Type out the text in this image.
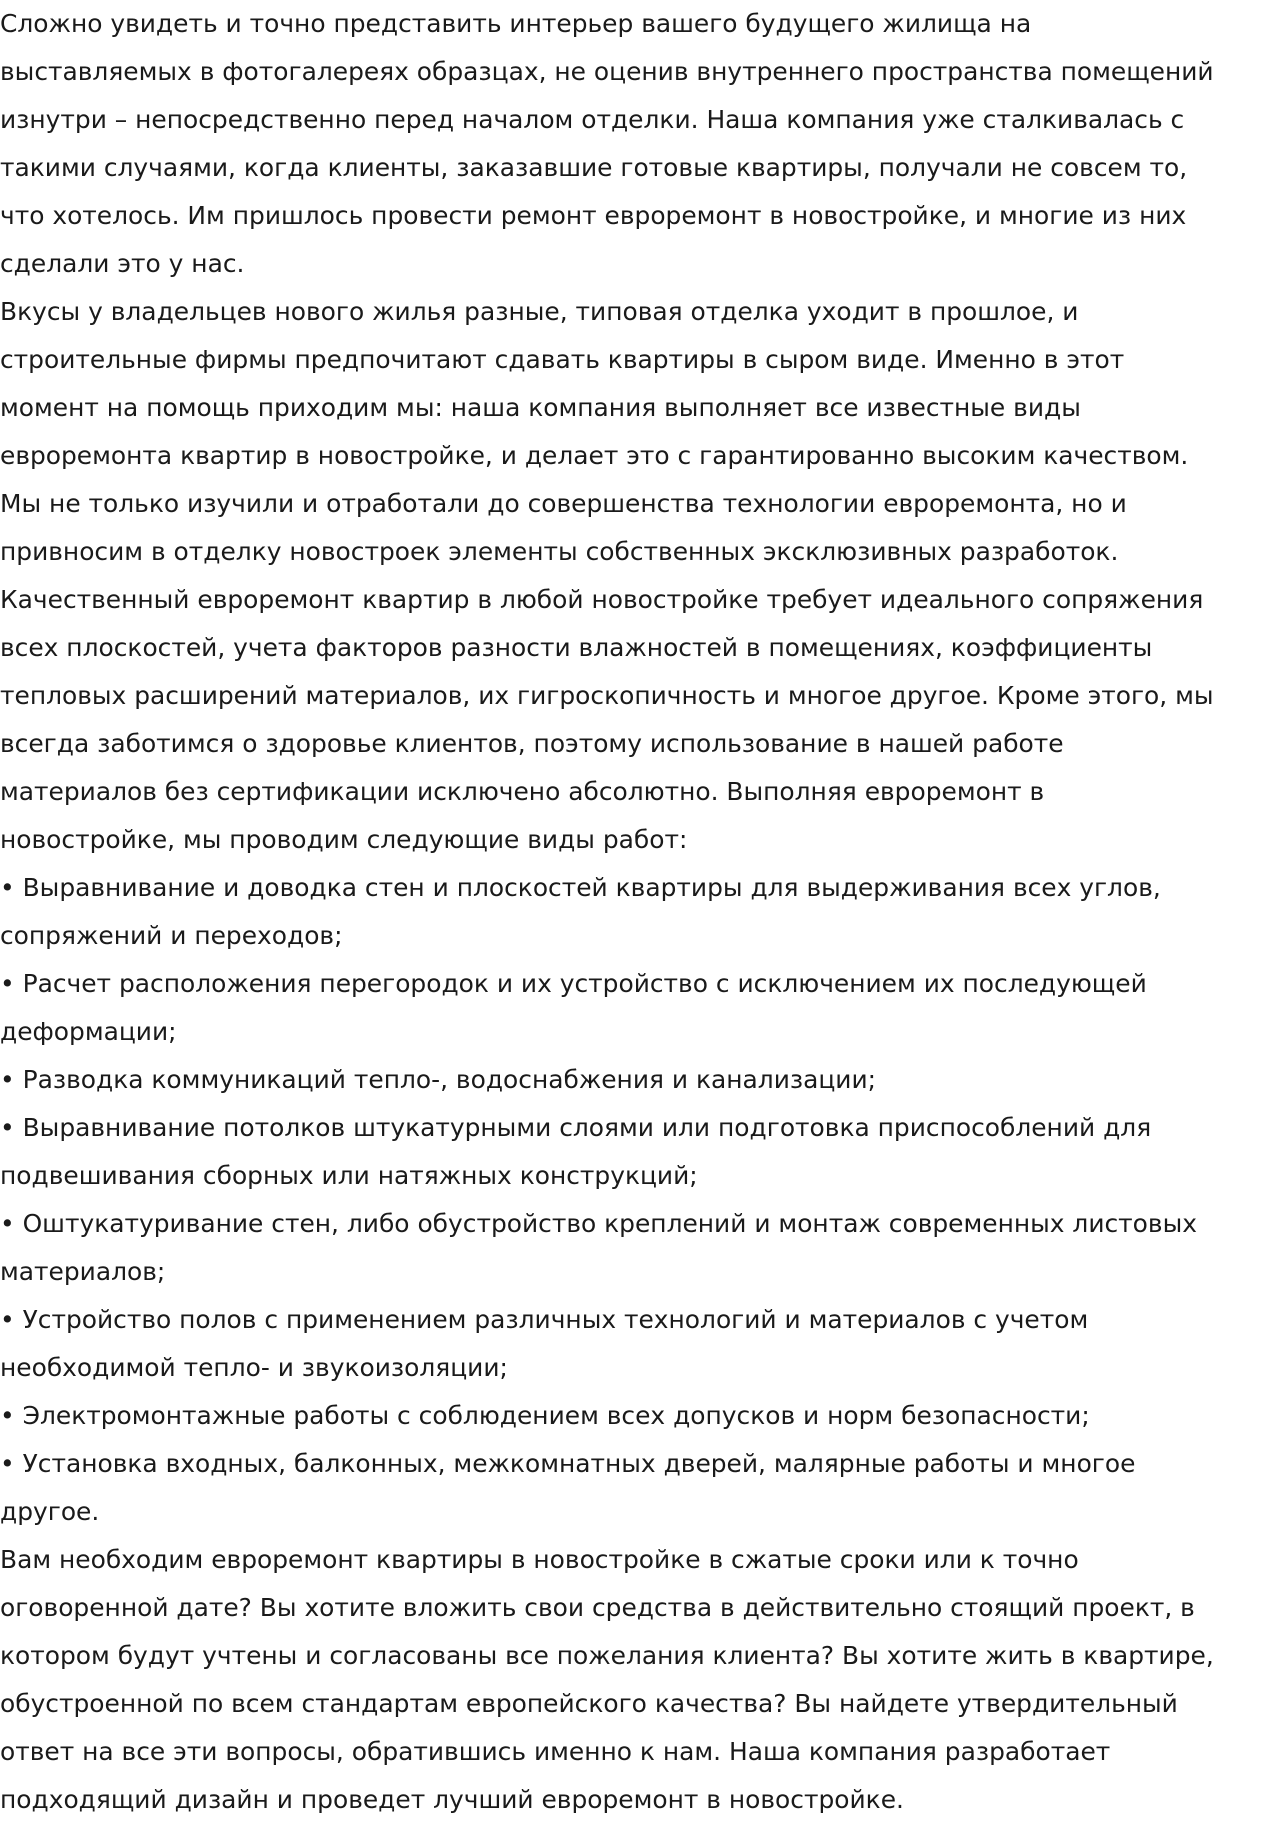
Сложно увидеть и точно представить интерьер вашего будущего жилища на

выставляемых в фотогалереях образцах, не оценив внутреннего пространства помещений

изнутри – непосредственно перед началом отделки. Наша компания уже сталкивалась с

такими случаями, когда клиенты, заказавшие готовые квартиры, получали не совсем то,

что хотелось. Им пришлось провести ремонт евроремонт в новостройке, и многие из них

сделали это у нас.

Вкусы у владельцев нового жилья разные, типовая отделка уходит в прошлое, и

строительные фирмы предпочитают сдавать квартиры в сыром виде. Именно в этот

момент на помощь приходим мы: наша компания выполняет все известные виды

евроремонта квартир в новостройке, и делает это с гарантированно высоким качеством.

Мы не только изучили и отработали до совершенства технологии евроремонта, но и

привносим в отделку новостроек элементы собственных эксклюзивных разработок.

Качественный евроремонт квартир в любой новостройке требует идеального сопряжения

всех плоскостей, учета факторов разности влажностей в помещениях, коэффициенты

тепловых расширений материалов, их гигроскопичность и многое другое. Кроме этого, мы

всегда заботимся о здоровье клиентов, поэтому использование в нашей работе

материалов без сертификации исключено абсолютно. Выполняя евроремонт в

новостройке, мы проводим следующие виды работ:

• Выравнивание и доводка стен и плоскостей квартиры для выдерживания всех углов,

сопряжений и переходов;

• Расчет расположения перегородок и их устройство с исключением их последующей

деформации;

• Разводка коммуникаций тепло-, водоснабжения и канализации;

• Выравнивание потолков штукатурными слоями или подготовка приспособлений для

подвешивания сборных или натяжных конструкций;

• Оштукатуривание стен, либо обустройство креплений и монтаж современных листовых

материалов;

• Устройство полов с применением различных технологий и материалов с учетом

необходимой тепло- и звукоизоляции;

• Электромонтажные работы с соблюдением всех допусков и норм безопасности;

• Установка входных, балконных, межкомнатных дверей, малярные работы и многое

другое.

Вам необходим евроремонт квартиры в новостройке в сжатые сроки или к точно

оговоренной дате? Вы хотите вложить свои средства в действительно стоящий проект, в

котором будут учтены и согласованы все пожелания клиента? Вы хотите жить в квартире,

обустроенной по всем стандартам европейского качества? Вы найдете утвердительный

ответ на все эти вопросы, обратившись именно к нам. Наша компания разработает

подходящий дизайн и проведет лучший евроремонт в новостройке.
